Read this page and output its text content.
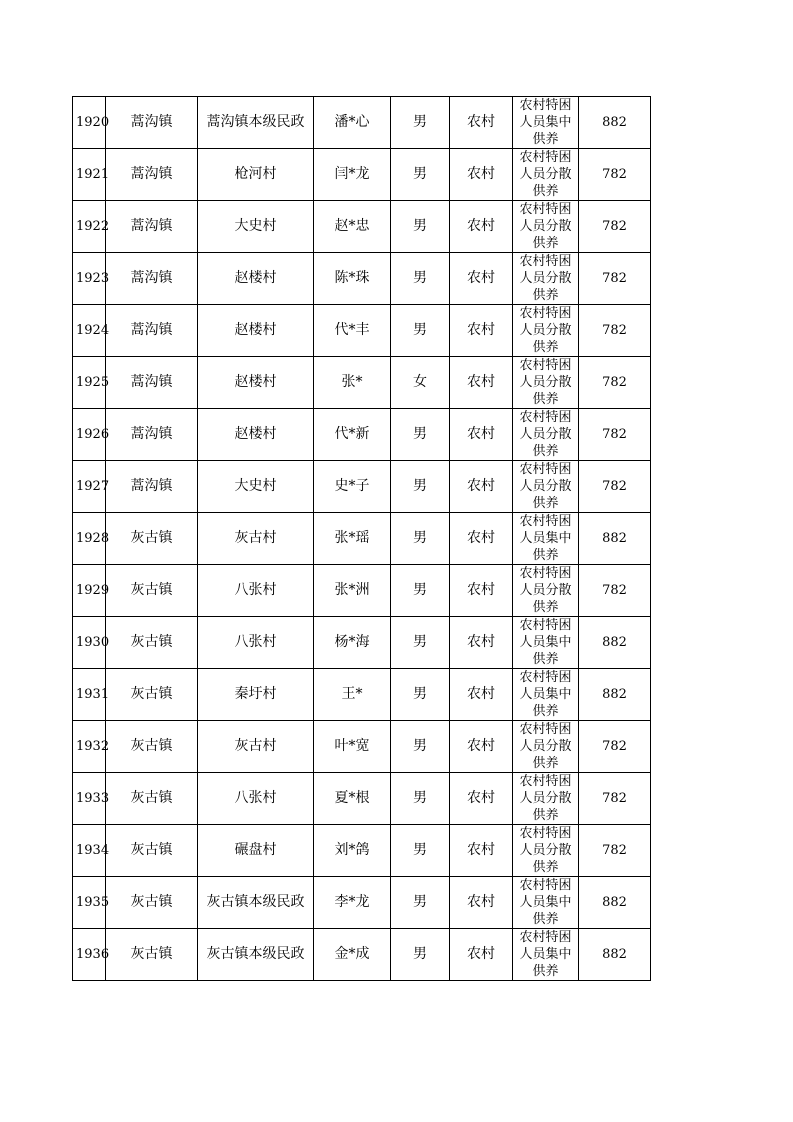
1920	蒿沟镇	蒿沟镇本级民政	潘*心	男	农村	农村特困
人员集中
供养	882
1921	蒿沟镇	枪河村	闫*龙	男	农村	农村特困
人员分散
供养	782
1922	蒿沟镇	大史村	赵*忠	男	农村	农村特困
人员分散
供养	782
1923	蒿沟镇	赵楼村	陈*珠	男	农村	农村特困
人员分散
供养	782
1924	蒿沟镇	赵楼村	代*丰	男	农村	农村特困
人员分散
供养	782
1925	蒿沟镇	赵楼村	张*	女	农村	农村特困
人员分散
供养	782
1926	蒿沟镇	赵楼村	代*新	男	农村	农村特困
人员分散
供养	782
1927	蒿沟镇	大史村	史*子	男	农村	农村特困
人员分散
供养	782
1928	灰古镇	灰古村	张*瑶	男	农村	农村特困
人员集中
供养	882
1929	灰古镇	八张村	张*洲	男	农村	农村特困
人员分散
供养	782
1930	灰古镇	八张村	杨*海	男	农村	农村特困
人员集中
供养	882
1931	灰古镇	秦圩村	王*	男	农村	农村特困
人员集中
供养	882
1932	灰古镇	灰古村	叶*宽	男	农村	农村特困
人员分散
供养	782
1933	灰古镇	八张村	夏*根	男	农村	农村特困
人员分散
供养	782
1934	灰古镇	碾盘村	刘*鸽	男	农村	农村特困
人员分散
供养	782
1935	灰古镇	灰古镇本级民政	李*龙	男	农村	农村特困
人员集中
供养	882
1936	灰古镇	灰古镇本级民政	金*成	男	农村	农村特困
人员集中
供养	882
